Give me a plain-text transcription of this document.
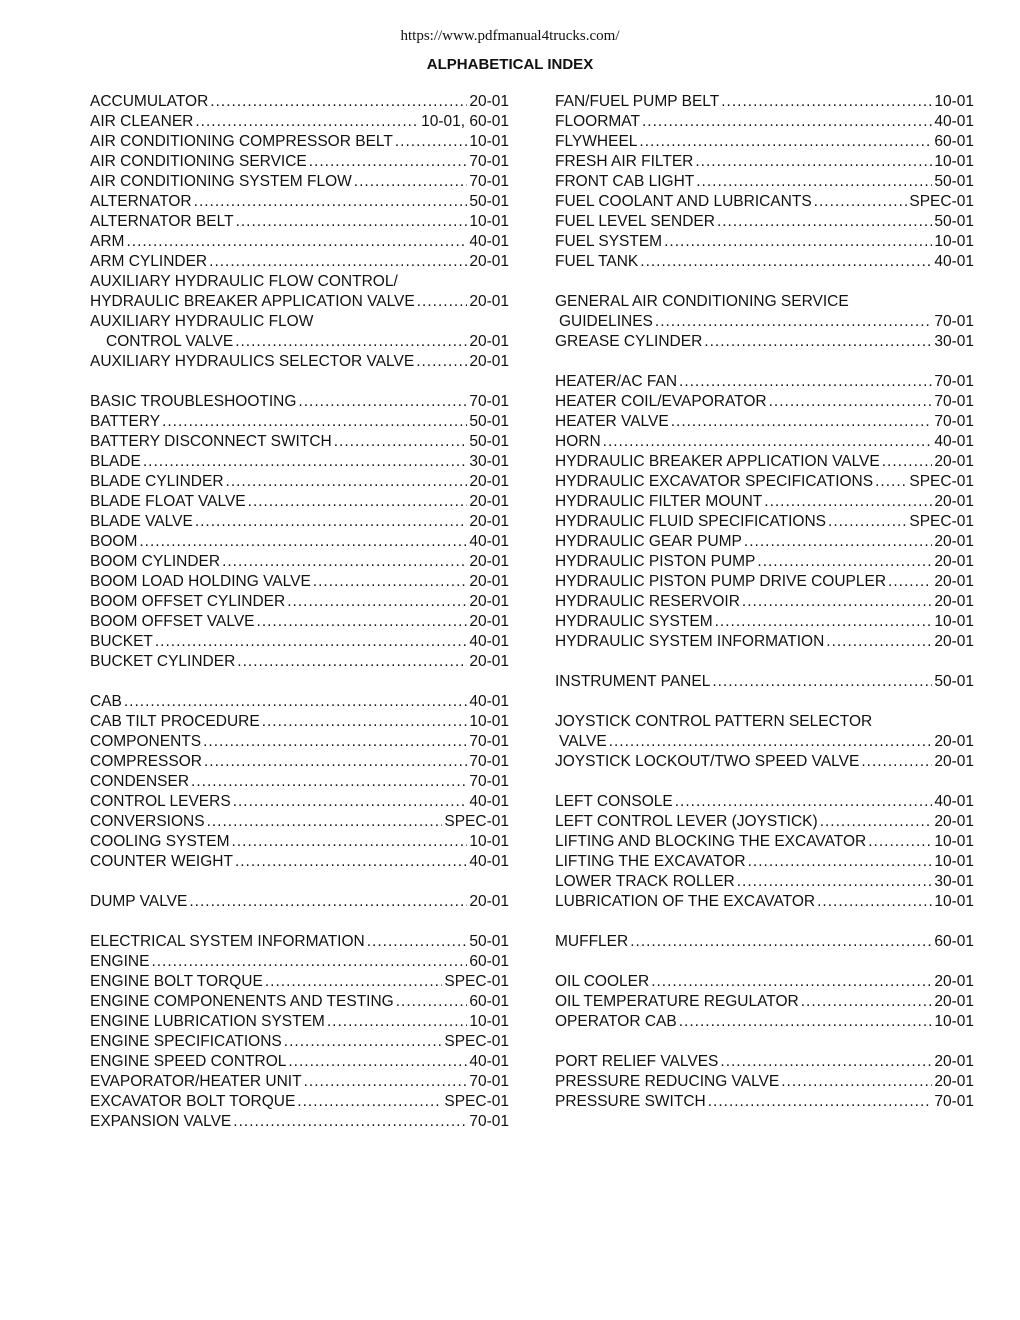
https://www.pdfmanual4trucks.com/
ALPHABETICAL INDEX
ACCUMULATOR .....	20-01
AIR CLEANER .....	10-01, 60-01
AIR CONDITIONING COMPRESSOR BELT .....	10-01
AIR CONDITIONING SERVICE .....	70-01
AIR CONDITIONING SYSTEM FLOW .....	70-01
ALTERNATOR .....	50-01
ALTERNATOR BELT .....	10-01
ARM .....	40-01
ARM CYLINDER .....	20-01
AUXILIARY HYDRAULIC FLOW CONTROL/
HYDRAULIC BREAKER APPLICATION VALVE .....	20-01
AUXILIARY HYDRAULIC FLOW
CONTROL VALVE .....	20-01
AUXILIARY HYDRAULICS SELECTOR VALVE .....	20-01
BASIC TROUBLESHOOTING .....	70-01
BATTERY .....	50-01
BATTERY DISCONNECT SWITCH .....	50-01
BLADE .....	30-01
BLADE CYLINDER .....	20-01
BLADE FLOAT VALVE .....	20-01
BLADE VALVE .....	20-01
BOOM .....	40-01
BOOM CYLINDER .....	20-01
BOOM LOAD HOLDING VALVE .....	20-01
BOOM OFFSET CYLINDER .....	20-01
BOOM OFFSET VALVE .....	20-01
BUCKET .....	40-01
BUCKET CYLINDER .....	20-01
CAB .....	40-01
CAB TILT PROCEDURE .....	10-01
COMPONENTS .....	70-01
COMPRESSOR .....	70-01
CONDENSER .....	70-01
CONTROL LEVERS .....	40-01
CONVERSIONS .....	SPEC-01
COOLING SYSTEM .....	10-01
COUNTER WEIGHT .....	40-01
DUMP VALVE .....	20-01
ELECTRICAL SYSTEM INFORMATION .....	50-01
ENGINE .....	60-01
ENGINE BOLT TORQUE .....	SPEC-01
ENGINE COMPONENENTS AND TESTING .....	60-01
ENGINE LUBRICATION SYSTEM .....	10-01
ENGINE SPECIFICATIONS .....	SPEC-01
ENGINE SPEED CONTROL .....	40-01
EVAPORATOR/HEATER UNIT .....	70-01
EXCAVATOR BOLT TORQUE .....	SPEC-01
EXPANSION VALVE .....	70-01
FAN/FUEL PUMP BELT .....	10-01
FLOORMAT .....	40-01
FLYWHEEL .....	60-01
FRESH AIR FILTER .....	10-01
FRONT CAB LIGHT .....	50-01
FUEL COOLANT AND LUBRICANTS .....	SPEC-01
FUEL LEVEL SENDER .....	50-01
FUEL SYSTEM .....	10-01
FUEL TANK .....	40-01
GENERAL AIR CONDITIONING SERVICE
GUIDELINES .....	70-01
GREASE CYLINDER .....	30-01
HEATER/AC FAN .....	70-01
HEATER COIL/EVAPORATOR .....	70-01
HEATER VALVE .....	70-01
HORN .....	40-01
HYDRAULIC BREAKER APPLICATION VALVE .....	20-01
HYDRAULIC EXCAVATOR SPECIFICATIONS ..... SPEC-01
HYDRAULIC FILTER MOUNT .....	20-01
HYDRAULIC FLUID SPECIFICATIONS .....	SPEC-01
HYDRAULIC GEAR PUMP .....	20-01
HYDRAULIC PISTON PUMP .....	20-01
HYDRAULIC PISTON PUMP DRIVE COUPLER .....	20-01
HYDRAULIC RESERVOIR .....	20-01
HYDRAULIC SYSTEM .....	10-01
HYDRAULIC SYSTEM INFORMATION .....	20-01
INSTRUMENT PANEL .....	50-01
JOYSTICK CONTROL PATTERN SELECTOR
VALVE .....	20-01
JOYSTICK LOCKOUT/TWO SPEED VALVE .....	20-01
LEFT CONSOLE .....	40-01
LEFT CONTROL LEVER (JOYSTICK) .....	20-01
LIFTING AND BLOCKING THE EXCAVATOR .....	10-01
LIFTING THE EXCAVATOR .....	10-01
LOWER TRACK ROLLER .....	30-01
LUBRICATION OF THE EXCAVATOR .....	10-01
MUFFLER .....	60-01
OIL COOLER .....	20-01
OIL TEMPERATURE REGULATOR .....	20-01
OPERATOR CAB .....	10-01
PORT RELIEF VALVES .....	20-01
PRESSURE REDUCING VALVE .....	20-01
PRESSURE SWITCH .....	70-01
